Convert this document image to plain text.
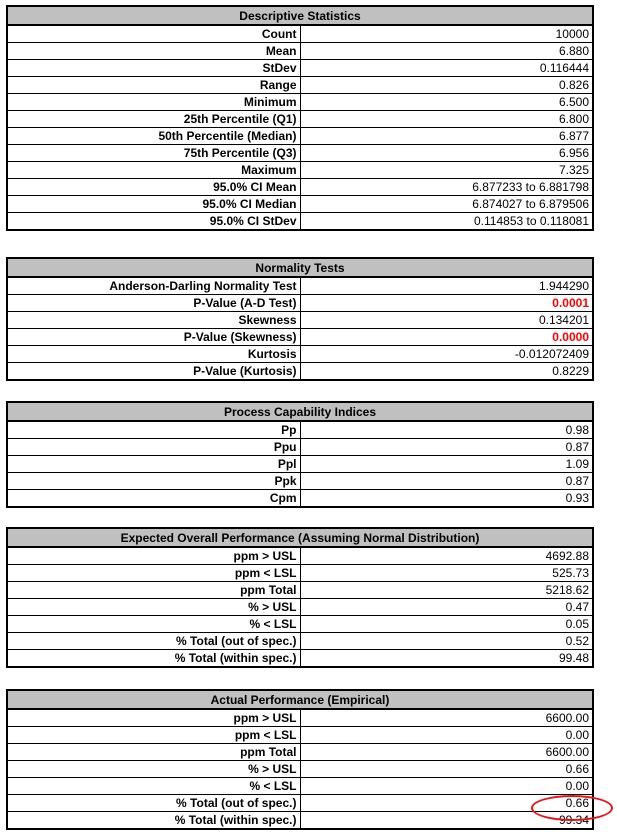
Descriptive Statistics	
Count	10000
Mean	6.880
StDev	0.116444
Range	0.826
Minimum	6.500
25th Percentile (Q1)	6.800
50th Percentile (Median)	6.877
75th Percentile (Q3)	6.956
Maximum	7.325
95.0% CI Mean	6.877233 to 6.881798
95.0% CI Median	6.874027 to 6.879506
95.0% CI StDev	0.114853 to 0.118081
Normality Tests	
Anderson-Darling Normality Test	1.944290
P-Value (A-D Test)	0.0001
Skewness	0.134201
P-Value (Skewness)	0.0000
Kurtosis	-0.012072409
P-Value (Kurtosis)	0.8229
Process Capability Indices	
Pp	0.98
Ppu	0.87
Ppl	1.09
Ppk	0.87
Cpm	0.93
Expected Overall Performance (Assuming Normal Distribution)	
ppm > USL	4692.88
ppm < LSL	525.73
ppm Total	5218.62
% > USL	0.47
% < LSL	0.05
% Total (out of spec.)	0.52
% Total (within spec.)	99.48
Actual Performance (Empirical)	
ppm > USL	6600.00
ppm < LSL	0.00
ppm Total	6600.00
% > USL	0.66
% < LSL	0.00
% Total (out of spec.)	0.66
% Total (within spec.)	99.34
